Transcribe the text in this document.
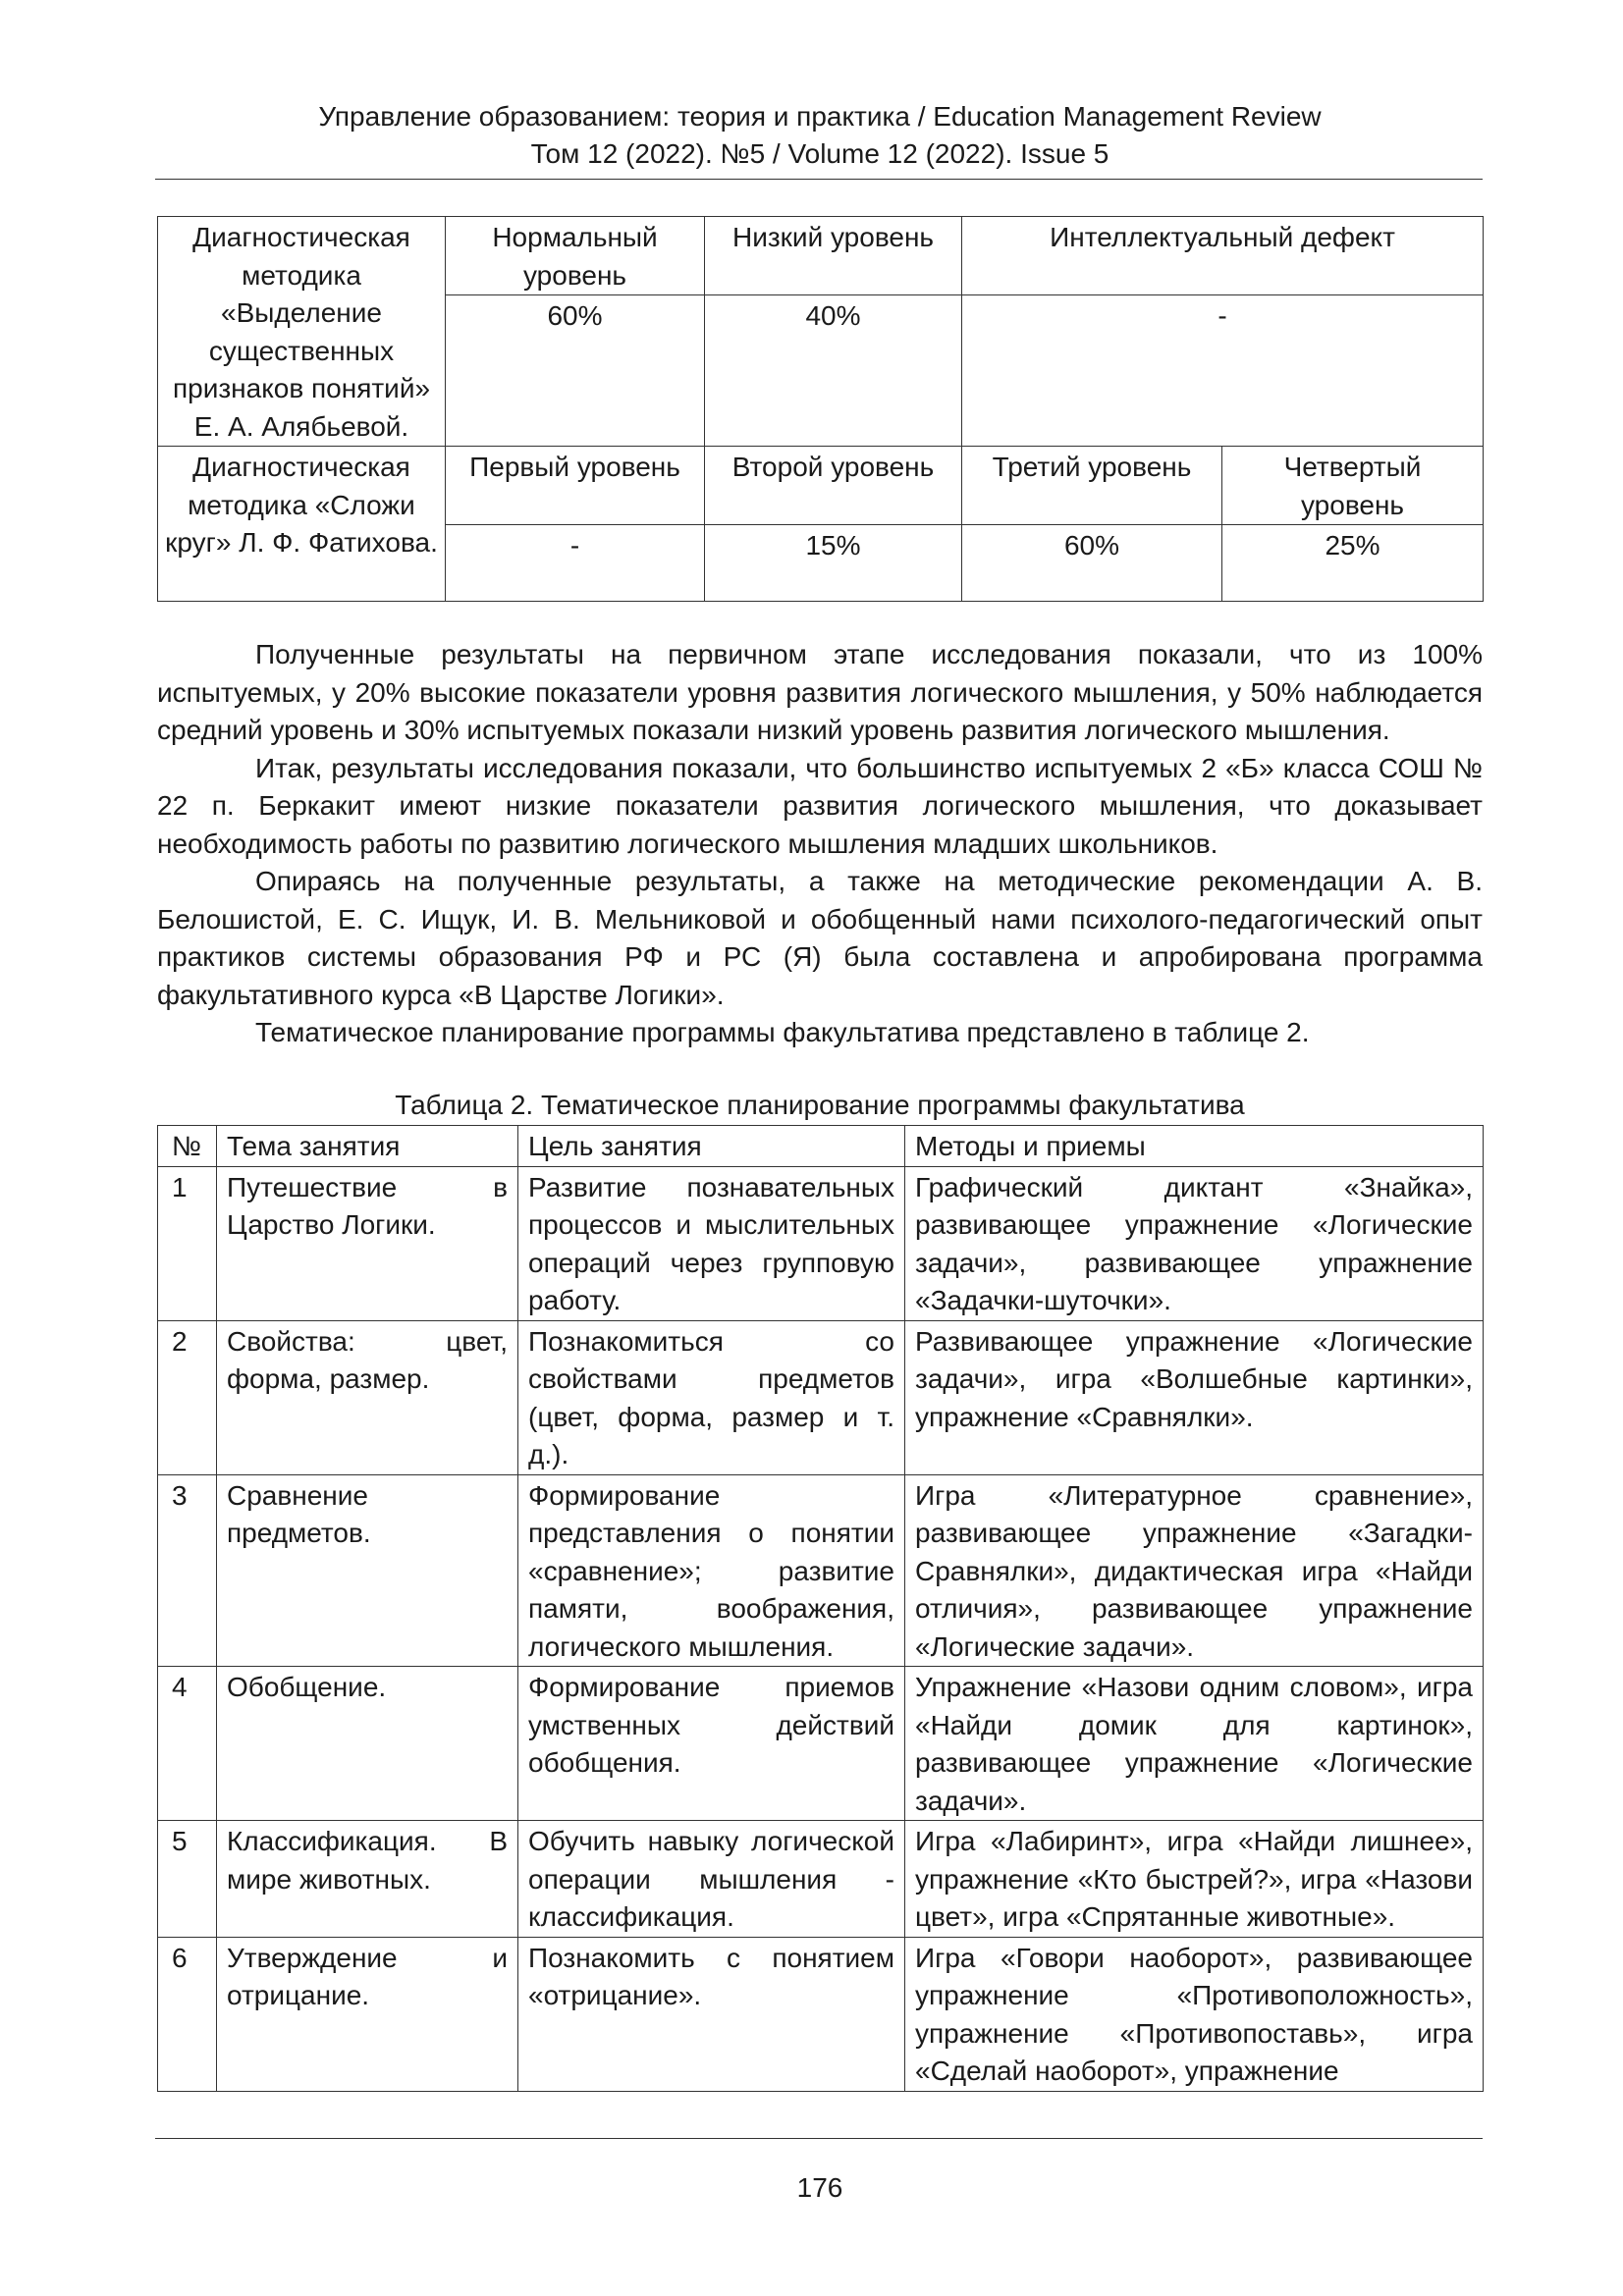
Управление образованием: теория и практика / Education Management Review
Том 12 (2022). №5 / Volume 12 (2022). Issue 5
Диагностическая методика «Выделение существенных признаков понятий» Е. А. Алябьевой.	Нормальный уровень	Низкий уровень	Интеллектуальный дефект	
	60%	40%	-	
Диагностическая методика «Сложи круг» Л. Ф. Фатихова.	Первый уровень	Второй уровень	Третий уровень	Четвертый уровень
	-	15%	60%	25%

Полученные результаты на первичном этапе исследования показали, что из 100% испытуемых, у 20% высокие показатели уровня развития логического мышления, у 50% наблюдается средний уровень и 30% испытуемых показали низкий уровень развития логического мышления.

Итак, результаты исследования показали, что большинство испытуемых 2 «Б» класса СОШ № 22 п. Беркакит имеют низкие показатели развития логического мышления, что доказывает необходимость работы по развитию логического мышления младших школьников.

Опираясь на полученные результаты, а также на методические рекомендации А. В. Белошистой, Е. С. Ищук, И. В. Мельниковой и обобщенный нами психолого-педагогический опыт практиков системы образования РФ и РС (Я) была составлена и апробирована программа факультативного курса «В Царстве Логики».

Тематическое планирование программы факультатива представлено в таблице 2.

Таблица 2. Тематическое планирование программы факультатива
№	Тема занятия	Цель занятия	Методы и приемы
1	Путешествие в Царство Логики.	Развитие познавательных процессов и мыслительных операций через групповую работу.	Графический диктант «Знайка», развивающее упражнение «Логические задачи», развивающее упражнение «Задачки-шуточки».
2	Свойства: цвет, форма, размер.	Познакомиться со свойствами предметов (цвет, форма, размер и т. д.).	Развивающее упражнение «Логические задачи», игра «Волшебные картинки», упражнение «Сравнялки».
3	Сравнение предметов.	Формирование представления о понятии «сравнение»; развитие памяти, воображения, логического мышления.	Игра «Литературное сравнение», развивающее упражнение «Загадки-Сравнялки», дидактическая игра «Найди отличия», развивающее упражнение «Логические задачи».
4	Обобщение.	Формирование приемов умственных действий обобщения.	Упражнение «Назови одним словом», игра «Найди домик для картинок», развивающее упражнение «Логические задачи».
5	Классификация. В мире животных.	Обучить навыку логической операции мышления - классификация.	Игра «Лабиринт», игра «Найди лишнее», упражнение «Кто быстрей?», игра «Назови цвет», игра «Спрятанные животные».
6	Утверждение и отрицание.	Познакомить с понятием «отрицание».	Игра «Говори наоборот», развивающее упражнение «Противоположность», упражнение «Противопоставь», игра «Сделай наоборот», упражнение
176
